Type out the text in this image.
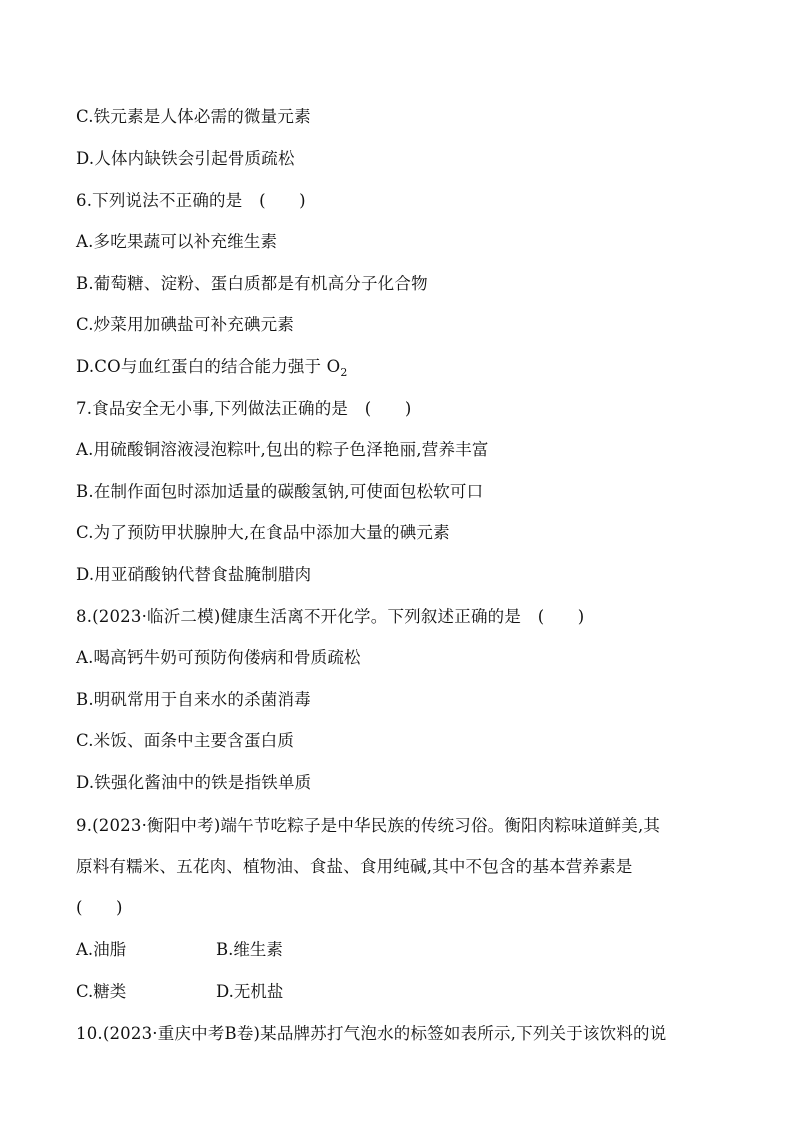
C.铁元素是人体必需的微量元素
D.人体内缺铁会引起骨质疏松
6.下列说法不正确的是　(　　)
A.多吃果蔬可以补充维生素
B.葡萄糖、淀粉、蛋白质都是有机高分子化合物
C.炒菜用加碘盐可补充碘元素
D.CO与血红蛋白的结合能力强于 $O_2$
7.食品安全无小事,下列做法正确的是　(　　)
A.用硫酸铜溶液浸泡粽叶,包出的粽子色泽艳丽,营养丰富
B.在制作面包时添加适量的碳酸氢钠,可使面包松软可口
C.为了预防甲状腺肿大,在食品中添加大量的碘元素
D.用亚硝酸钠代替食盐腌制腊肉
8.(2023·临沂二模)健康生活离不开化学。下列叙述正确的是　(　　)
A.喝高钙牛奶可预防佝偻病和骨质疏松
B.明矾常用于自来水的杀菌消毒
C.米饭、面条中主要含蛋白质
D.铁强化酱油中的铁是指铁单质
9.(2023·衡阳中考)端午节吃粽子是中华民族的传统习俗。衡阳肉粽味道鲜美,其
原料有糯米、五花肉、植物油、食盐、食用纯碱,其中不包含的基本营养素是
(　　)
A.油脂	B.维生素
C.糖类	D.无机盐
10.(2023·重庆中考B卷)某品牌苏打气泡水的标签如表所示,下列关于该饮料的说
